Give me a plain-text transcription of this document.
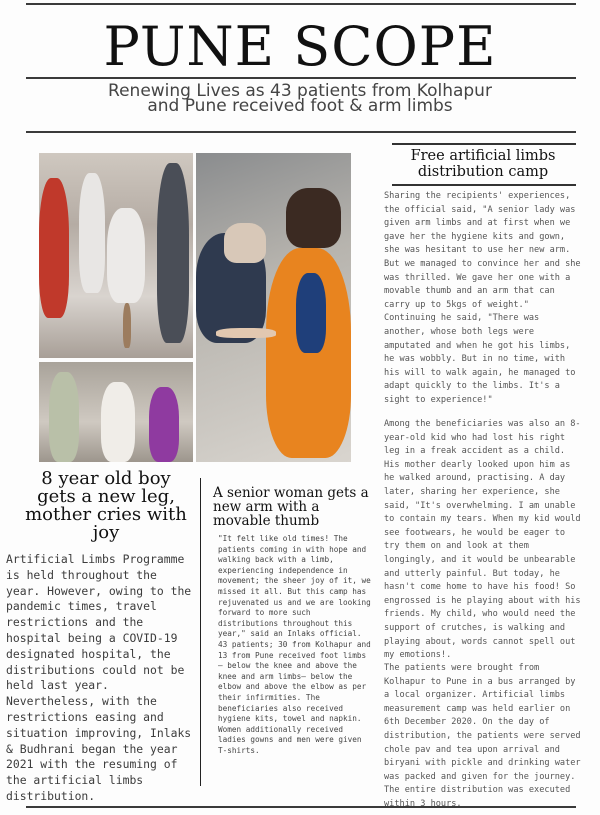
PUNE SCOPE
Renewing Lives as 43 patients from Kolhapur and Pune received foot & arm limbs
8 year old boy gets a new leg, mother cries with joy
Artificial Limbs Programme is held throughout the year. However, owing to the pandemic times, travel restrictions and the hospital being a COVID-19 designated hospital, the distributions could not be held last year. Nevertheless, with the restrictions easing and situation improving, Inlaks & Budhrani began the year 2021 with the resuming of the artificial limbs distribution.
A senior woman gets a new arm with a movable thumb
"It felt like old times! The patients coming in with hope and walking back with a limb, experiencing independence in movement; the sheer joy of it, we missed it all. But this camp has rejuvenated us and we are looking forward to more such distributions throughout this year," said an Inlaks official.
43 patients; 30 from Kolhapur and 13 from Pune received foot limbs — below the knee and above the knee and arm limbs— below the elbow and above the elbow as per their infirmities. The beneficiaries also received hygiene kits, towel and napkin. Women additionally received ladies gowns and men were given T-shirts.
Free artificial limbs distribution camp
Sharing the recipients' experiences, the official said, "A senior lady was given arm limbs and at first when we gave her the hygiene kits and gown, she was hesitant to use her new arm. But we managed to convince her and she was thrilled. We gave her one with a movable thumb and an arm that can carry up to 5kgs of weight." Continuing he said, "There was another, whose both legs were amputated and when he got his limbs, he was wobbly. But in no time, with his will to walk again, he managed to adapt quickly to the limbs. It's a sight to experience!"
Among the beneficiaries was also an 8-year-old kid who had lost his right leg in a freak accident as a child. His mother dearly looked upon him as he walked around, practising. A day later, sharing her experience, she said, "It's overwhelming. I am unable to contain my tears. When my kid would see footwears, he would be eager to try them on and look at them longingly, and it would be unbearable and utterly painful. But today, he hasn't come home to have his food! So engrossed is he playing about with his friends. My child, who would need the support of crutches, is walking and playing about, words cannot spell out my emotions!.
The patients were brought from Kolhapur to Pune in a bus arranged by a local organizer. Artificial limbs measurement camp was held earlier on 6th December 2020. On the day of distribution, the patients were served chole pav and tea upon arrival and biryani with pickle and drinking water was packed and given for the journey. The entire distribution was executed within 3 hours.
